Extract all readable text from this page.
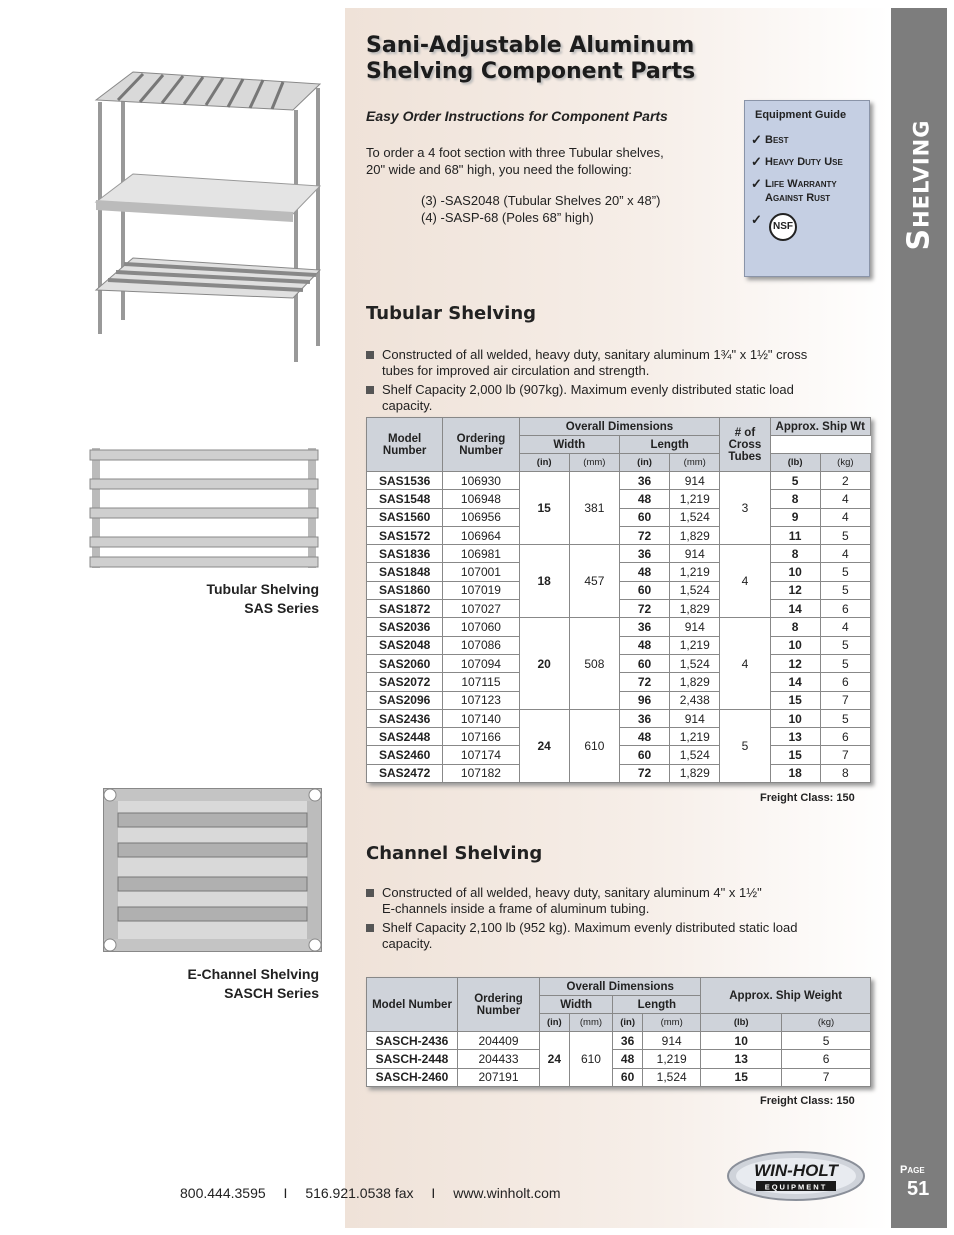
Shelving
Page
51
Tubular Shelving
SAS Series
E-Channel Shelving
SASCH Series
Sani-Adjustable Aluminum
Shelving Component Parts
Easy Order Instructions for Component Parts
To order a 4 foot section with three Tubular shelves,
20" wide and 68" high, you need the following:
(3) -SAS2048 (Tubular Shelves 20” x 48”)
(4) -SASP-68 (Poles 68” high)
Equipment Guide
✓ Best
✓ Heavy Duty Use
✓ Life Warranty
Against Rust
✓	NSF
Tubular Shelving
Constructed of all welded, heavy duty, sanitary aluminum 1¾" x 1½" cross
tubes for improved air circulation and strength.
Shelf Capacity 2,000 lb (907kg). Maximum evenly distributed static load
capacity.
Model Number	Ordering Number	Overall Dimensions				# of Cross Tubes	Approx. Ship Wt	
		Width		Length				
		(in)	(mm)	(in)	(mm)		(lb)	(kg)
SAS1536	106930	15	381	36	914	3	5	2
SAS1548	106948			48	1,219		8	4
SAS1560	106956			60	1,524		9	4
SAS1572	106964			72	1,829		11	5
SAS1836	106981	18	457	36	914	4	8	4
SAS1848	107001			48	1,219		10	5
SAS1860	107019			60	1,524		12	5
SAS1872	107027			72	1,829		14	6
SAS2036	107060	20	508	36	914	4	8	4
SAS2048	107086			48	1,219		10	5
SAS2060	107094			60	1,524		12	5
SAS2072	107115			72	1,829		14	6
SAS2096	107123			96	2,438		15	7
SAS2436	107140	24	610	36	914	5	10	5
SAS2448	107166			48	1,219		13	6
SAS2460	107174			60	1,524		15	7
SAS2472	107182			72	1,829		18	8
Freight Class: 150
Channel Shelving
Constructed of all welded, heavy duty, sanitary aluminum 4" x 1½"
E-channels inside a frame of aluminum tubing.
Shelf Capacity 2,100 lb (952 kg). Maximum evenly distributed static load
capacity.
Model Number	Ordering Number	Overall Dimensions				Approx. Ship Weight	
		Width		Length			
		(in)	(mm)	(in)	(mm)	(lb)	(kg)
SASCH-2436	204409	24	610	36	914	10	5
SASCH-2448	204433			48	1,219	13	6
SASCH-2460	207191			60	1,524	15	7
Freight Class: 150
800.444.3595 I 516.921.0538 fax I www.winholt.com
WIN-HOLT
EQUIPMENT
